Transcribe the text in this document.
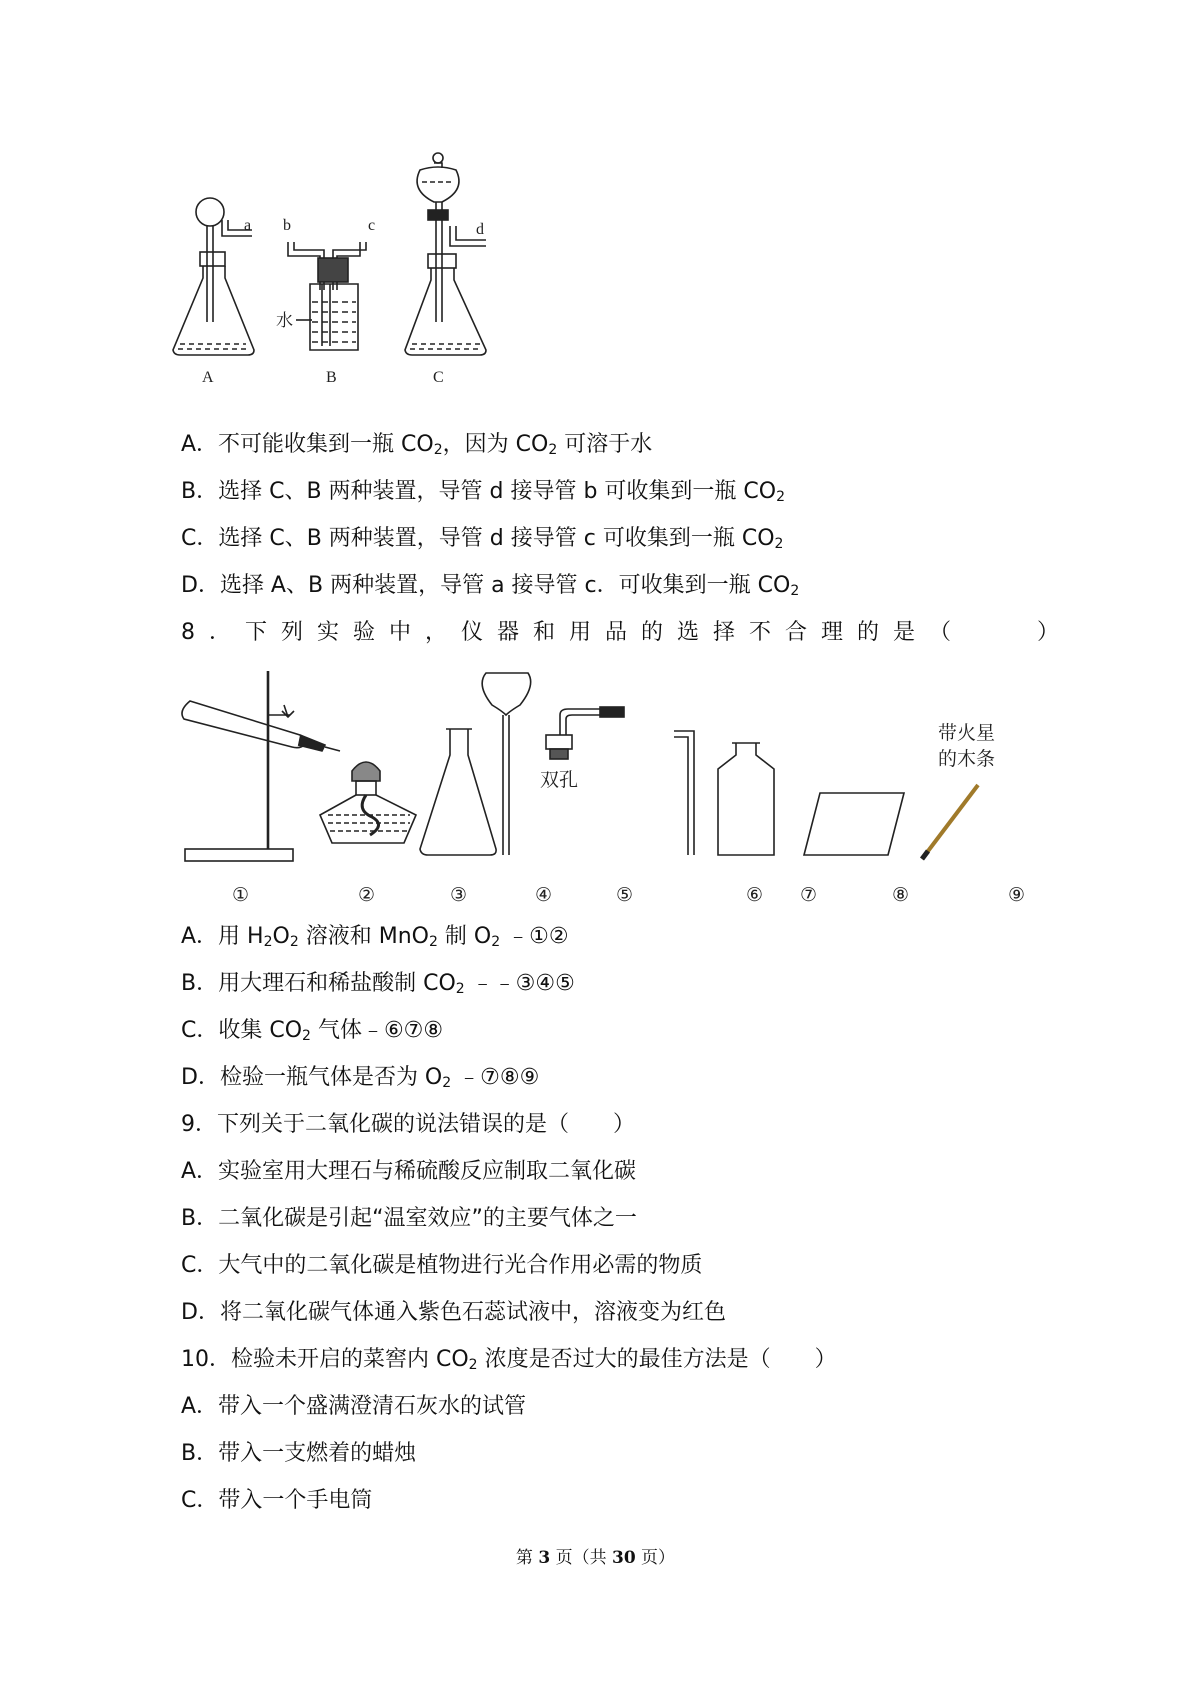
a
A
b	c
水
B
d
C
A．不可能收集到一瓶 $CO_2$，因为 $CO_2$ 可溶于水
B．选择 C、B 两种装置，导管 d 接导管 b 可收集到一瓶 $CO_2$
C．选择 C、B 两种装置，导管 d 接导管 c 可收集到一瓶 $CO_2$
D．选择 A、B 两种装置，导管 a 接导管 c．可收集到一瓶 $CO_2$
8．下列实验中，仪器和用品的选择不合理的是（　　）
双孔
带火星
的木条
①	②	③	④	⑤	⑥ ⑦	⑧	⑨
A．用 $H_2O_2$ 溶液和 MnO$_2$ 制 $O_2$ ﹣①②
B．用大理石和稀盐酸制 $CO_2$ ﹣﹣③④⑤
C．收集 $CO_2$ 气体﹣⑥⑦⑧
D．检验一瓶气体是否为 $O_2$ ﹣⑦⑧⑨
9．下列关于二氧化碳的说法错误的是（　　）
A．实验室用大理石与稀硫酸反应制取二氧化碳
B．二氧化碳是引起“温室效应”的主要气体之一
C．大气中的二氧化碳是植物进行光合作用必需的物质
D．将二氧化碳气体通入紫色石蕊试液中，溶液变为红色
10．检验未开启的菜窖内 $CO_2$ 浓度是否过大的最佳方法是（　　）
A．带入一个盛满澄清石灰水的试管
B．带入一支燃着的蜡烛
C．带入一个手电筒
第 3 页（共 30 页）
